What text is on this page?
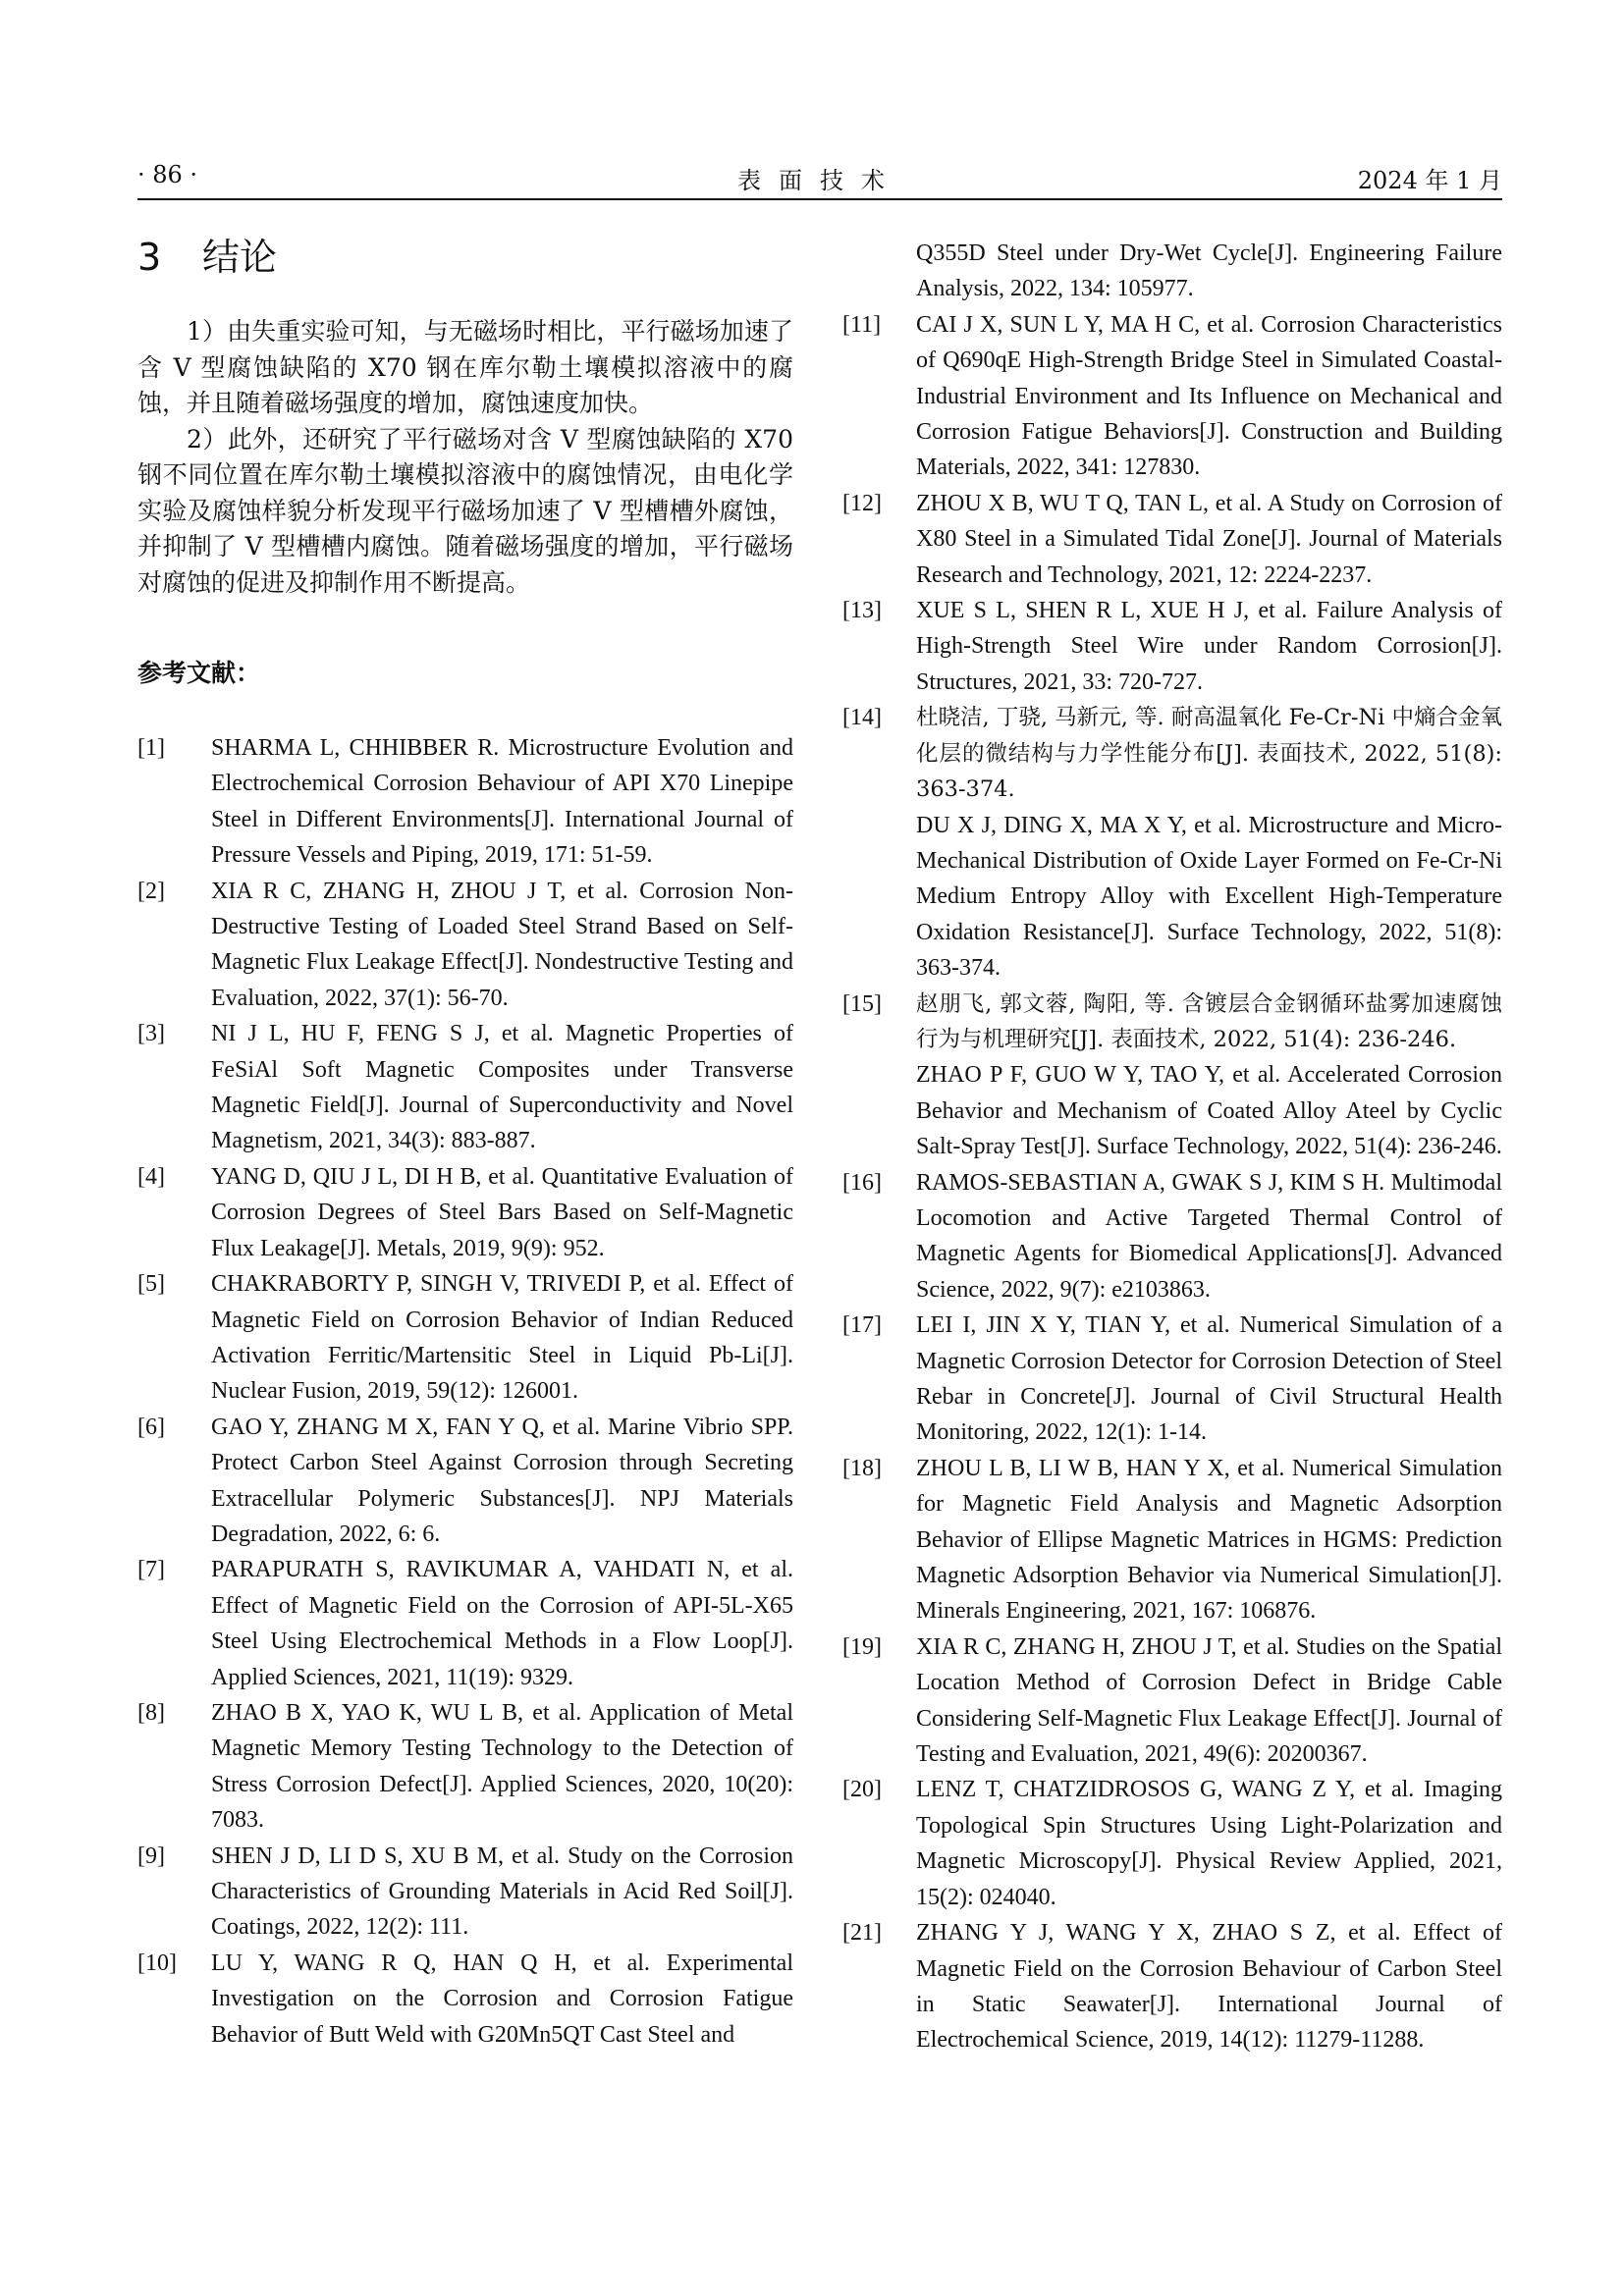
· 86 ·	表面技术	2024 年 1 月
3 结论

1）由失重实验可知，与无磁场时相比，平行磁场加速了含 V 型腐蚀缺陷的 X70 钢在库尔勒土壤模拟溶液中的腐蚀，并且随着磁场强度的增加，腐蚀速度加快。

2）此外，还研究了平行磁场对含 V 型腐蚀缺陷的 X70 钢不同位置在库尔勒土壤模拟溶液中的腐蚀情况，由电化学实验及腐蚀样貌分析发现平行磁场加速了 V 型槽槽外腐蚀，并抑制了 V 型槽槽内腐蚀。随着磁场强度的增加，平行磁场对腐蚀的促进及抑制作用不断提高。

参考文献：
[1] SHARMA L, CHHIBBER R. Microstructure Evolution and Electrochemical Corrosion Behaviour of API X70 Linepipe Steel in Different Environments[J]. International Journal of Pressure Vessels and Piping, 2019, 171: 51-59.
[2] XIA R C, ZHANG H, ZHOU J T, et al. Corrosion Non-Destructive Testing of Loaded Steel Strand Based on Self-Magnetic Flux Leakage Effect[J]. Nondestructive Testing and Evaluation, 2022, 37(1): 56-70.
[3] NI J L, HU F, FENG S J, et al. Magnetic Properties of FeSiAl Soft Magnetic Composites under Transverse Magnetic Field[J]. Journal of Superconductivity and Novel Magnetism, 2021, 34(3): 883-887.
[4] YANG D, QIU J L, DI H B, et al. Quantitative Evaluation of Corrosion Degrees of Steel Bars Based on Self-Magnetic Flux Leakage[J]. Metals, 2019, 9(9): 952.
[5] CHAKRABORTY P, SINGH V, TRIVEDI P, et al. Effect of Magnetic Field on Corrosion Behavior of Indian Reduced Activation Ferritic/Martensitic Steel in Liquid Pb-Li[J]. Nuclear Fusion, 2019, 59(12): 126001.
[6] GAO Y, ZHANG M X, FAN Y Q, et al. Marine Vibrio SPP. Protect Carbon Steel Against Corrosion through Secreting Extracellular Polymeric Substances[J]. NPJ Materials Degradation, 2022, 6: 6.
[7] PARAPURATH S, RAVIKUMAR A, VAHDATI N, et al. Effect of Magnetic Field on the Corrosion of API-5L-X65 Steel Using Electrochemical Methods in a Flow Loop[J]. Applied Sciences, 2021, 11(19): 9329.
[8] ZHAO B X, YAO K, WU L B, et al. Application of Metal Magnetic Memory Testing Technology to the Detection of Stress Corrosion Defect[J]. Applied Sciences, 2020, 10(20): 7083.
[9] SHEN J D, LI D S, XU B M, et al. Study on the Corrosion Characteristics of Grounding Materials in Acid Red Soil[J]. Coatings, 2022, 12(2): 111.
[10] LU Y, WANG R Q, HAN Q H, et al. Experimental Investigation on the Corrosion and Corrosion Fatigue Behavior of Butt Weld with G20Mn5QT Cast Steel and
Q355D Steel under Dry-Wet Cycle[J]. Engineering Failure Analysis, 2022, 134: 105977.
[11] CAI J X, SUN L Y, MA H C, et al. Corrosion Characteristics of Q690qE High-Strength Bridge Steel in Simulated Coastal-Industrial Environment and Its Influence on Mechanical and Corrosion Fatigue Behaviors[J]. Construction and Building Materials, 2022, 341: 127830.
[12] ZHOU X B, WU T Q, TAN L, et al. A Study on Corrosion of X80 Steel in a Simulated Tidal Zone[J]. Journal of Materials Research and Technology, 2021, 12: 2224-2237.
[13] XUE S L, SHEN R L, XUE H J, et al. Failure Analysis of High-Strength Steel Wire under Random Corrosion[J]. Structures, 2021, 33: 720-727.
[14] 杜晓洁, 丁骁, 马新元, 等. 耐高温氧化 Fe-Cr-Ni 中熵合金氧化层的微结构与力学性能分布[J]. 表面技术, 2022, 51(8): 363-374.
DU X J, DING X, MA X Y, et al. Microstructure and Micro-Mechanical Distribution of Oxide Layer Formed on Fe-Cr-Ni Medium Entropy Alloy with Excellent High-Temperature Oxidation Resistance[J]. Surface Technology, 2022, 51(8): 363-374.
[15] 赵朋飞, 郭文蓉, 陶阳, 等. 含镀层合金钢循环盐雾加速腐蚀行为与机理研究[J]. 表面技术, 2022, 51(4): 236-246.
ZHAO P F, GUO W Y, TAO Y, et al. Accelerated Corrosion Behavior and Mechanism of Coated Alloy Ateel by Cyclic Salt-Spray Test[J]. Surface Technology, 2022, 51(4): 236-246.
[16] RAMOS-SEBASTIAN A, GWAK S J, KIM S H. Multimodal Locomotion and Active Targeted Thermal Control of Magnetic Agents for Biomedical Applications[J]. Advanced Science, 2022, 9(7): e2103863.
[17] LEI I, JIN X Y, TIAN Y, et al. Numerical Simulation of a Magnetic Corrosion Detector for Corrosion Detection of Steel Rebar in Concrete[J]. Journal of Civil Structural Health Monitoring, 2022, 12(1): 1-14.
[18] ZHOU L B, LI W B, HAN Y X, et al. Numerical Simulation for Magnetic Field Analysis and Magnetic Adsorption Behavior of Ellipse Magnetic Matrices in HGMS: Prediction Magnetic Adsorption Behavior via Numerical Simulation[J]. Minerals Engineering, 2021, 167: 106876.
[19] XIA R C, ZHANG H, ZHOU J T, et al. Studies on the Spatial Location Method of Corrosion Defect in Bridge Cable Considering Self-Magnetic Flux Leakage Effect[J]. Journal of Testing and Evaluation, 2021, 49(6): 20200367.
[20] LENZ T, CHATZIDROSOS G, WANG Z Y, et al. Imaging Topological Spin Structures Using Light-Polarization and Magnetic Microscopy[J]. Physical Review Applied, 2021, 15(2): 024040.
[21] ZHANG Y J, WANG Y X, ZHAO S Z, et al. Effect of Magnetic Field on the Corrosion Behaviour of Carbon Steel in Static Seawater[J]. International Journal of Electrochemical Science, 2019, 14(12): 11279-11288.
